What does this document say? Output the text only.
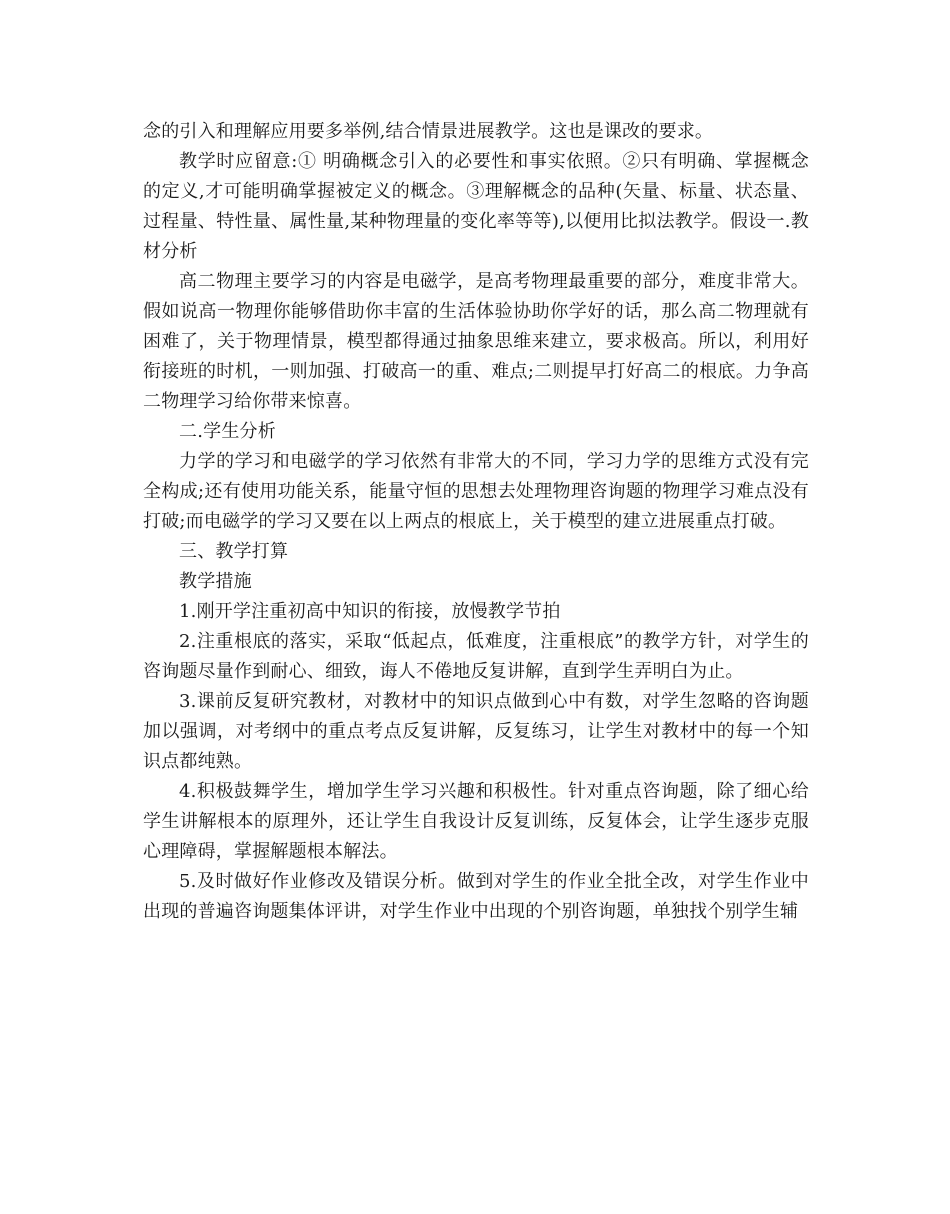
念的引入和理解应用要多举例,结合情景进展教学。这也是课改的要求。

教学时应留意:① 明确概念引入的必要性和事实依照。②只有明确、掌握概念的定义,才可能明确掌握被定义的概念。③理解概念的品种(矢量、标量、状态量、过程量、特性量、属性量,某种物理量的变化率等等),以便用比拟法教学。假设一.教材分析

高二物理主要学习的内容是电磁学，是高考物理最重要的部分，难度非常大。假如说高一物理你能够借助你丰富的生活体验协助你学好的话，那么高二物理就有困难了，关于物理情景，模型都得通过抽象思维来建立，要求极高。所以，利用好衔接班的时机，一则加强、打破高一的重、难点;二则提早打好高二的根底。力争高二物理学习给你带来惊喜。

二.学生分析

力学的学习和电磁学的学习依然有非常大的不同，学习力学的思维方式没有完全构成;还有使用功能关系，能量守恒的思想去处理物理咨询题的物理学习难点没有打破;而电磁学的学习又要在以上两点的根底上，关于模型的建立进展重点打破。

三、教学打算

教学措施

1.刚开学注重初高中知识的衔接，放慢教学节拍

2.注重根底的落实，采取“低起点，低难度，注重根底”的教学方针，对学生的咨询题尽量作到耐心、细致，诲人不倦地反复讲解，直到学生弄明白为止。

3.课前反复研究教材，对教材中的知识点做到心中有数，对学生忽略的咨询题加以强调，对考纲中的重点考点反复讲解，反复练习，让学生对教材中的每一个知识点都纯熟。

4.积极鼓舞学生，增加学生学习兴趣和积极性。针对重点咨询题，除了细心给学生讲解根本的原理外，还让学生自我设计反复训练，反复体会，让学生逐步克服心理障碍，掌握解题根本解法。

5.及时做好作业修改及错误分析。做到对学生的作业全批全改，对学生作业中出现的普遍咨询题集体评讲，对学生作业中出现的个别咨询题，单独找个别学生辅
